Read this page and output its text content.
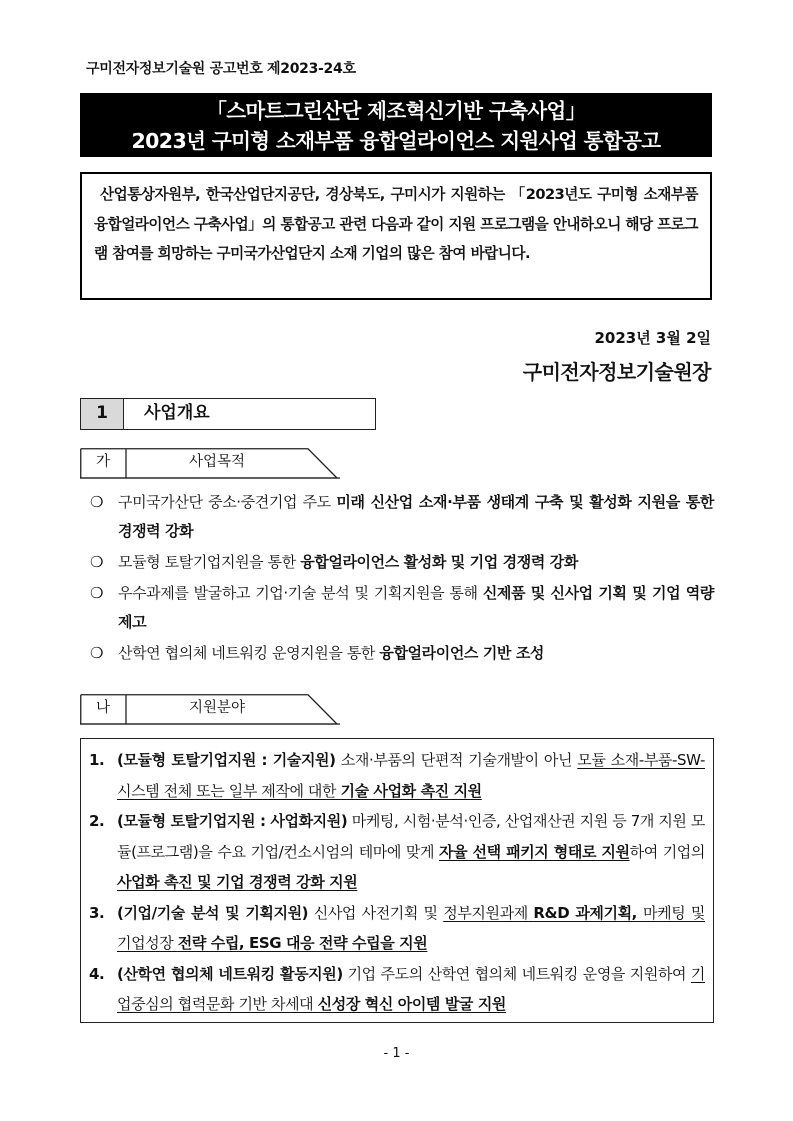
구미전자정보기술원 공고번호 제2023-24호
「스마트그린산단 제조혁신기반 구축사업」
2023년 구미형 소재부품 융합얼라이언스 지원사업 통합공고

산업통상자원부, 한국산업단지공단, 경상북도, 구미시가 지원하는 「2023년도 구미형 소재부품 융합얼라이언스 구축사업」의 통합공고 관련 다음과 같이 지원 프로그램을 안내하오니 해당 프로그램 참여를 희망하는 구미국가산업단지 소재 기업의 많은 참여 바랍니다.

2023년 3월 2일
구미전자정보기술원장
1	사업개요
가	사업목적
❍ 구미국가산단 중소·중견기업 주도 미래 신산업 소재·부품 생태계 구축 및 활성화 지원을 통한 경쟁력 강화
❍ 모듈형 토탈기업지원을 통한 융합얼라이언스 활성화 및 기업 경쟁력 강화
❍ 우수과제를 발굴하고 기업·기술 분석 및 기획지원을 통해 신제품 및 신사업 기획 및 기업 역량 제고
❍ 산학연 협의체 네트워킹 운영지원을 통한 융합얼라이언스 기반 조성
나	지원분야
1. (모듈형 토탈기업지원 : 기술지원) 소재·부품의 단편적 기술개발이 아닌 모듈 소재-부품-SW-시스템 전체 또는 일부 제작에 대한 기술 사업화 촉진 지원
2. (모듈형 토탈기업지원 : 사업화지원) 마케팅, 시험·분석·인증, 산업재산권 지원 등 7개 지원 모듈(프로그램)을 수요 기업/컨소시엄의 테마에 맞게 자율 선택 패키지 형태로 지원하여 기업의 사업화 촉진 및 기업 경쟁력 강화 지원
3. (기업/기술 분석 및 기획지원) 신사업 사전기획 및 정부지원과제 R&D 과제기획, 마케팅 및 기업성장 전략 수립, ESG 대응 전략 수립을 지원
4. (산학연 협의체 네트워킹 활동지원) 기업 주도의 산학연 협의체 네트워킹 운영을 지원하여 기업중심의 협력문화 기반 차세대 신성장 혁신 아이템 발굴 지원
- 1 -
